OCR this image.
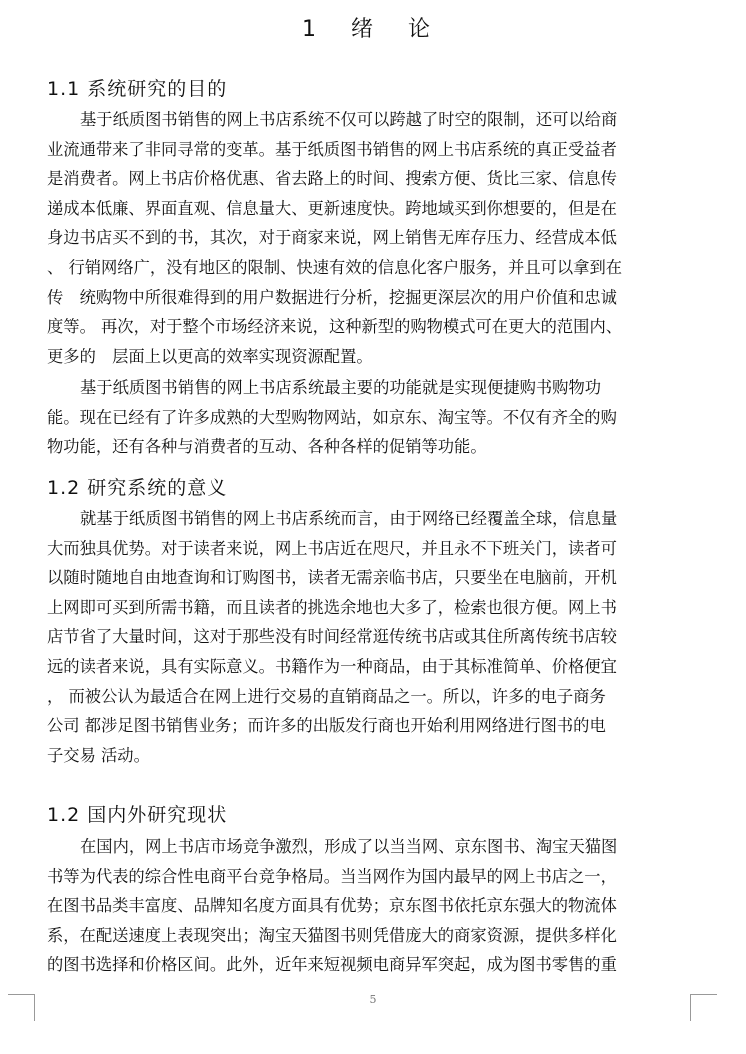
1 绪 论
1.1 系统研究的目的
基于纸质图书销售的网上书店系统不仅可以跨越了时空的限制，还可以给商
业流通带来了非同寻常的变革。基于纸质图书销售的网上书店系统的真正受益者
是消费者。网上书店价格优惠、省去路上的时间、搜索方便、货比三家、信息传
递成本低廉、界面直观、信息量大、更新速度快。跨地域买到你想要的，但是在
身边书店买不到的书，其次，对于商家来说，网上销售无库存压力、经营成本低
、 行销网络广，没有地区的限制、快速有效的信息化客户服务，并且可以拿到在
传　统购物中所很难得到的用户数据进行分析，挖掘更深层次的用户价值和忠诚
度等。 再次，对于整个市场经济来说，这种新型的购物模式可在更大的范围内、
更多的　层面上以更高的效率实现资源配置。
基于纸质图书销售的网上书店系统最主要的功能就是实现便捷购书购物功
能。现在已经有了许多成熟的大型购物网站，如京东、淘宝等。不仅有齐全的购
物功能，还有各种与消费者的互动、各种各样的促销等功能。
1.2 研究系统的意义
就基于纸质图书销售的网上书店系统而言，由于网络已经覆盖全球，信息量
大而独具优势。对于读者来说，网上书店近在咫尺，并且永不下班关门，读者可
以随时随地自由地查询和订购图书，读者无需亲临书店，只要坐在电脑前，开机
上网即可买到所需书籍，而且读者的挑选余地也大多了，检索也很方便。网上书
店节省了大量时间，这对于那些没有时间经常逛传统书店或其住所离传统书店较
远的读者来说，具有实际意义。书籍作为一种商品，由于其标准简单、价格便宜
， 而被公认为最适合在网上进行交易的直销商品之一。所以，许多的电子商务
公司 都涉足图书销售业务；而许多的出版发行商也开始利用网络进行图书的电
子交易 活动。
1.2 国内外研究现状
在国内，网上书店市场竞争激烈，形成了以当当网、京东图书、淘宝天猫图
书等为代表的综合性电商平台竞争格局。当当网作为国内最早的网上书店之一，
在图书品类丰富度、品牌知名度方面具有优势；京东图书依托京东强大的物流体
系，在配送速度上表现突出；淘宝天猫图书则凭借庞大的商家资源，提供多样化
的图书选择和价格区间。此外，近年来短视频电商异军突起，成为图书零售的重
5
